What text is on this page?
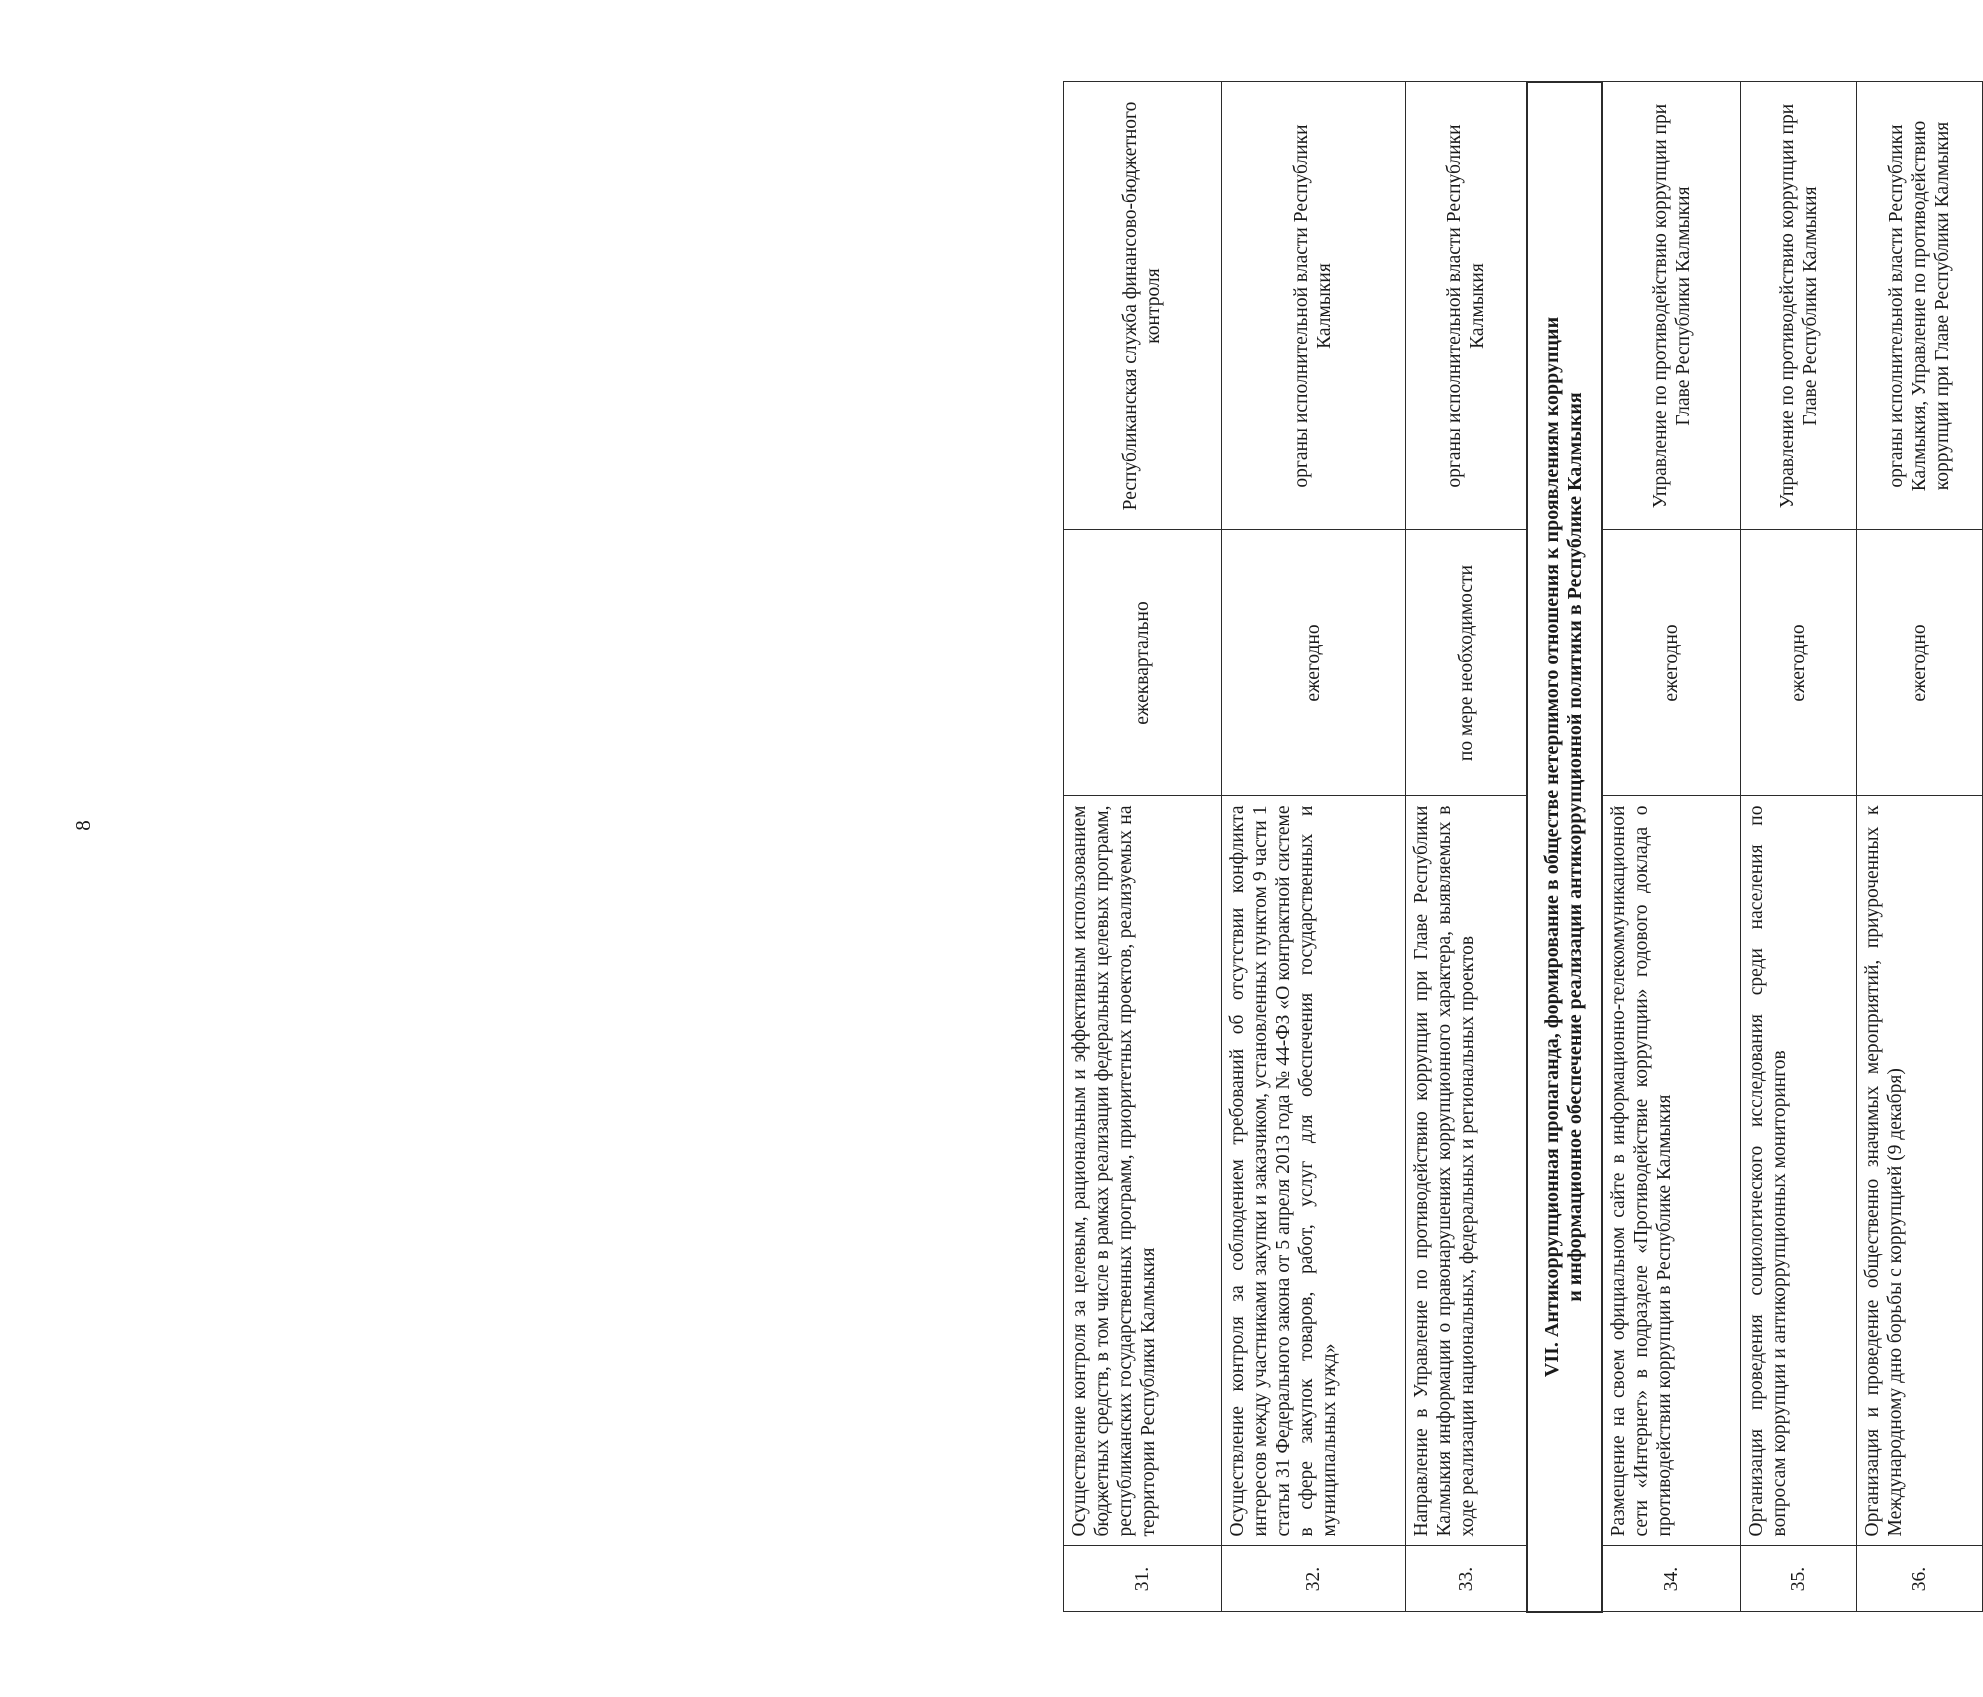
8
31.	Осуществление контроля за целевым, рациональным и эффективным использованием бюджетных средств, в том числе в рамках реализации федеральных целевых программ, республиканских государственных программ, приоритетных проектов, реализуемых на территории Республики Калмыкия	ежеквартально	Республиканская служба финансово-бюджетного контроля
32.	Осуществление контроля за соблюдением требований об отсутствии конфликта интересов между участниками закупки и заказчиком, установленных пунктом 9 части 1 статьи 31 Федерального закона от 5 апреля 2013 года № 44-ФЗ «О контрактной системе в сфере закупок товаров, работ, услуг для обеспечения государственных и муниципальных нужд»	ежегодно	органы исполнительной власти Республики Калмыкия
33.	Направление в Управление по противодействию коррупции при Главе Республики Калмыкия информации о правонарушениях коррупционного характера, выявляемых в ходе реализации национальных, федеральных и региональных проектов	по мере необходимости	органы исполнительной власти Республики Калмыкия

VII. Антикоррупционная пропаганда, формирование в обществе нетерпимого отношения к проявлениям коррупции и информационное обеспечение реализации антикоррупционной политики в Республике Калмыкия			

34.	Размещение на своем официальном сайте в информационно-телекоммуникационной сети «Интернет» в подразделе «Противодействие коррупции» годового доклада о противодействии коррупции в Республике Калмыкия	ежегодно	Управление по противодействию коррупции при Главе Республики Калмыкия
35.	Организация проведения социологического исследования среди населения по вопросам коррупции и антикоррупционных мониторингов	ежегодно	Управление по противодействию коррупции при Главе Республики Калмыкия
36.	Организация и проведение общественно значимых мероприятий, приуроченных к Международному дню борьбы с коррупцией (9 декабря)	ежегодно	органы исполнительной власти Республики Калмыкия, Управление по противодействию коррупции при Главе Республики Калмыкия
